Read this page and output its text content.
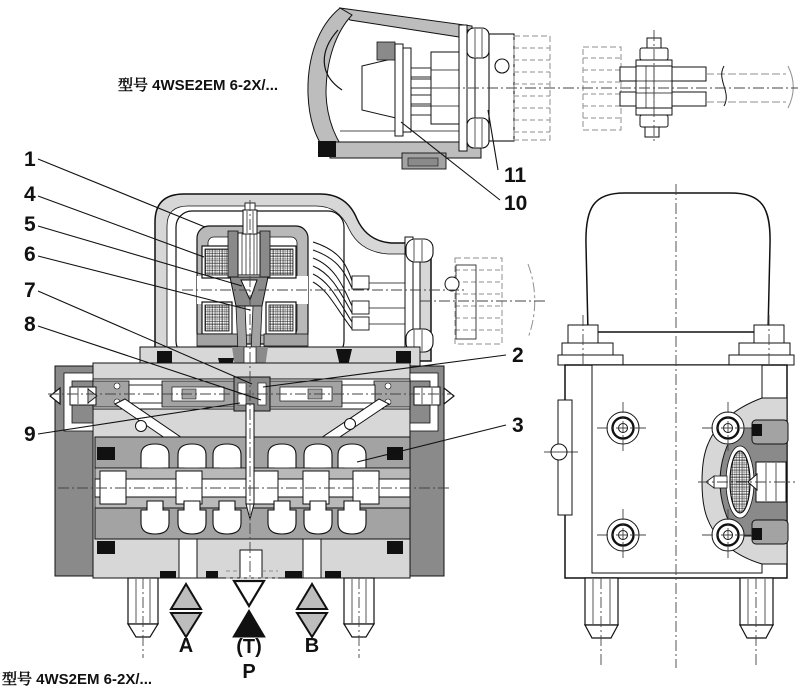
型号 4WSE2EM 6-2X/...
型号 4WS2EM 6-2X/...
1
4
5
6
7
8
9
2
3
11
10
A (T)
P
B
